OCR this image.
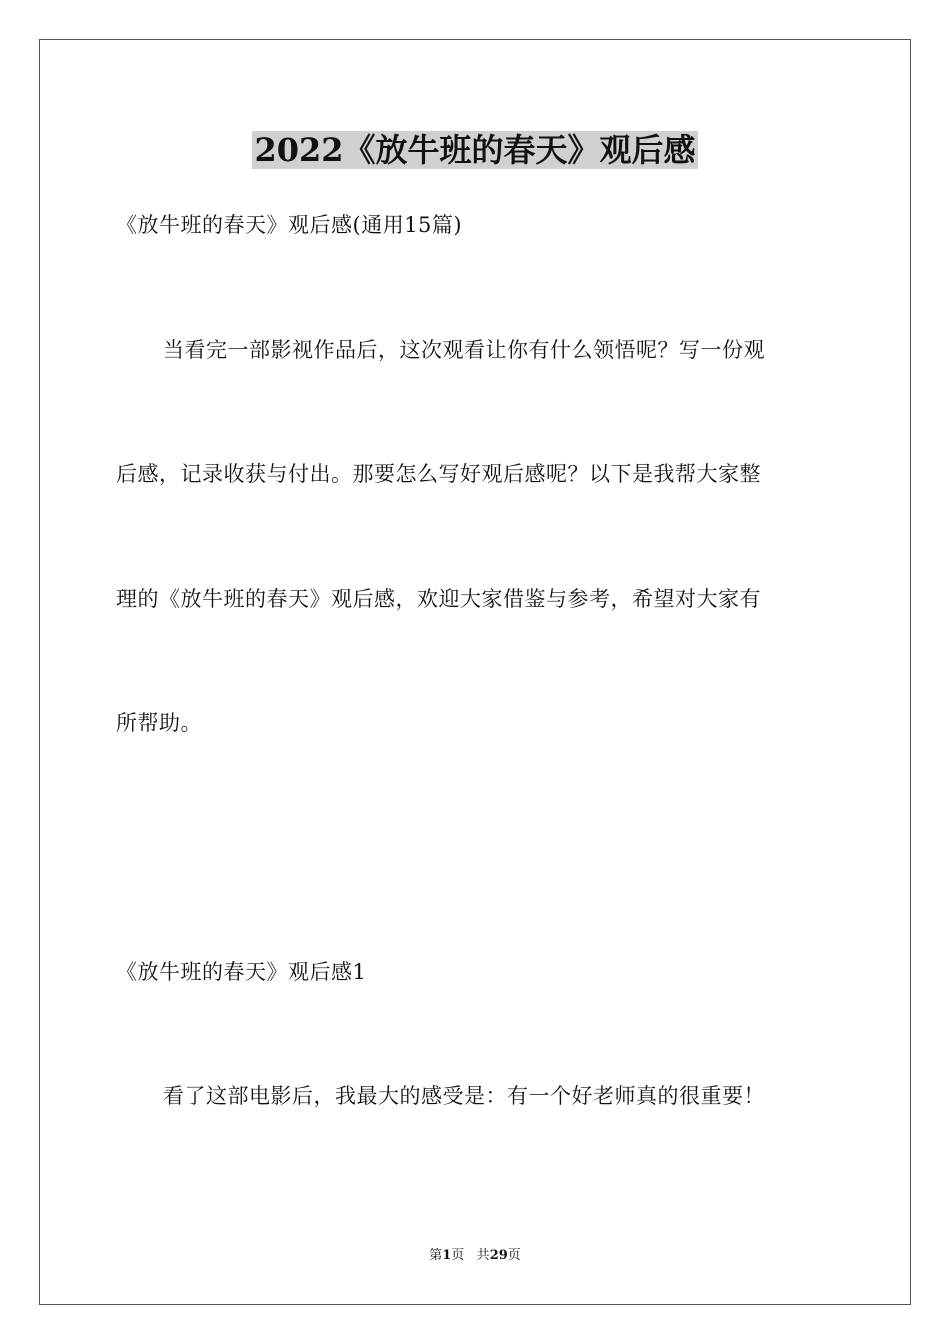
2022《放牛班的春天》观后感
《放牛班的春天》观后感(通用15篇)
当看完一部影视作品后，这次观看让你有什么领悟呢？写一份观
后感，记录收获与付出。那要怎么写好观后感呢？以下是我帮大家整
理的《放牛班的春天》观后感，欢迎大家借鉴与参考，希望对大家有
所帮助。
《放牛班的春天》观后感1
看了这部电影后，我最大的感受是：有一个好老师真的很重要！
第1页 共29页
